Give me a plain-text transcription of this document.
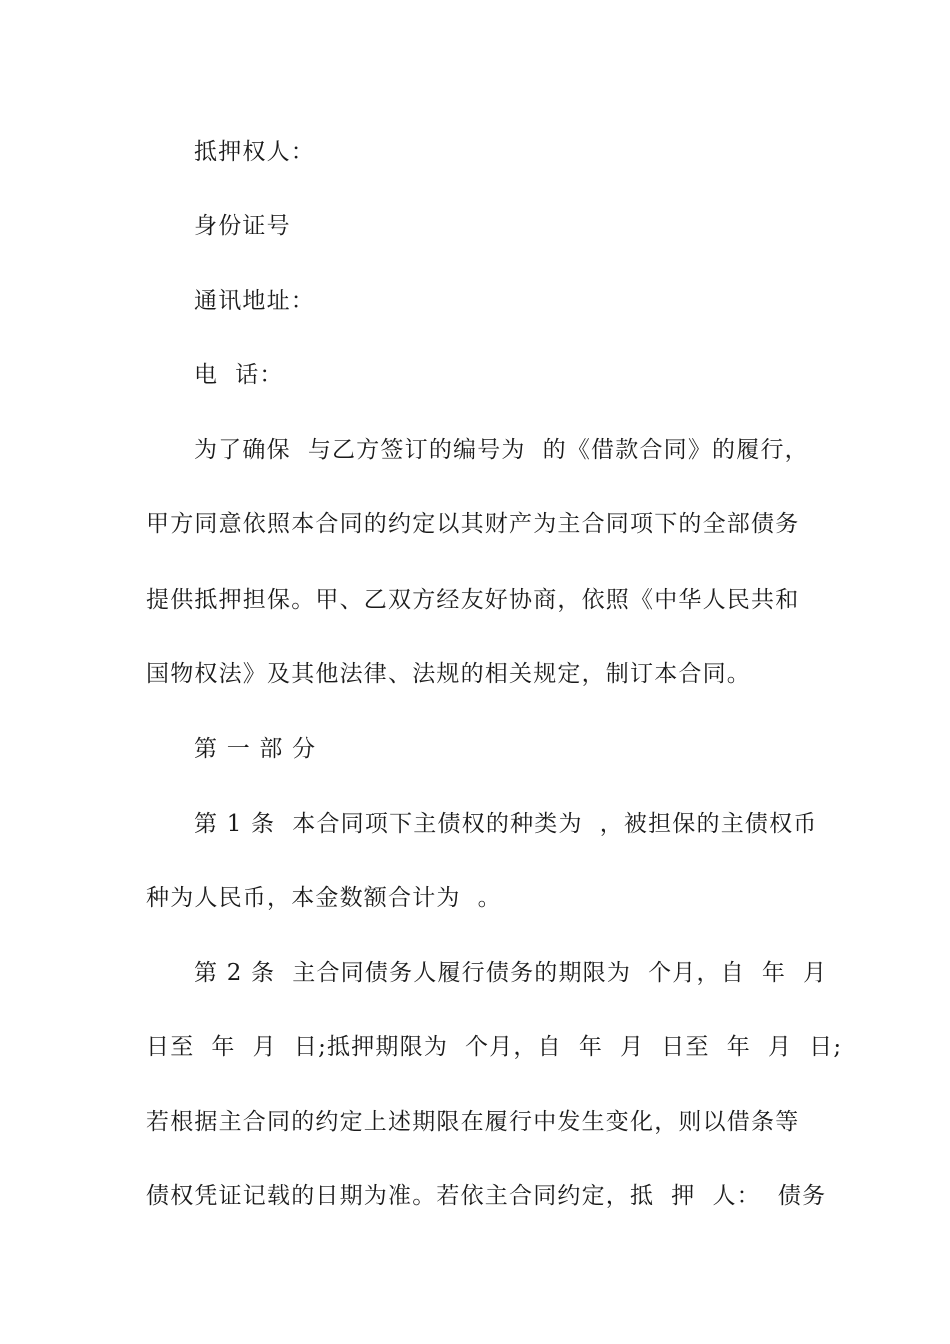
抵押权人：
身份证号
通讯地址：
电  话：
为了确保  与乙方签订的编号为  的《借款合同》的履行，
甲方同意依照本合同的约定以其财产为主合同项下的全部债务
提供抵押担保。甲、乙双方经友好协商，依照《中华人民共和
国物权法》及其他法律、法规的相关规定，制订本合同。
第 一 部 分
第 1 条  本合同项下主债权的种类为  ，被担保的主债权币
种为人民币，本金数额合计为  。
第 2 条  主合同债务人履行债务的期限为  个月，自  年  月
日至  年  月  日;抵押期限为  个月，自  年  月  日至  年  月  日;
若根据主合同的约定上述期限在履行中发生变化，则以借条等
债权凭证记载的日期为准。若依主合同约定，抵  押  人：  债务
